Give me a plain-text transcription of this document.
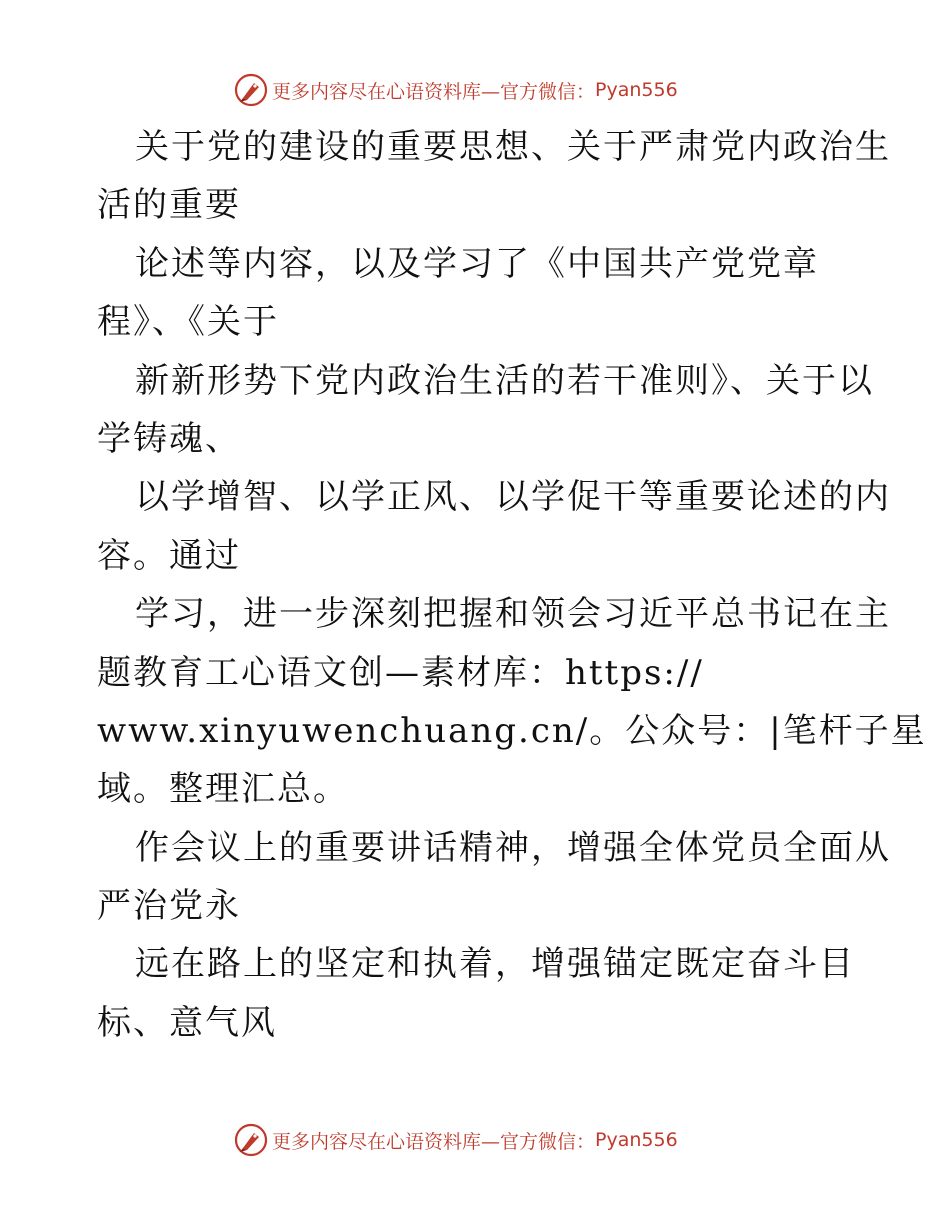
更多内容尽在心语资料库—官方微信： Pyan556
关于党的建设的重要思想、关于严肃党内政治生
活的重要
论述等内容，以及学习了《中国共产党党章
程》、《关于
新新形势下党内政治生活的若干准则》、关于以
学铸魂、
以学增智、以学正风、以学促干等重要论述的内
容。通过
学习，进一步深刻把握和领会习近平总书记在主
题教育工心语文创—素材库：https://
www.xinyuwenchuang.cn/。公众号：|笔杆子星
域。整理汇总。
作会议上的重要讲话精神，增强全体党员全面从
严治党永
远在路上的坚定和执着，增强锚定既定奋斗目
标、意气风
更多内容尽在心语资料库—官方微信： Pyan556
